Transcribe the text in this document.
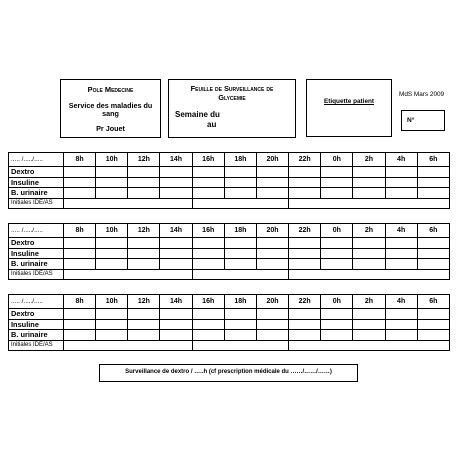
Pole Medecine
Service des maladies du sang
Pr Jouet
Feuille de Surveillance de Glycemie
Semaine du
au
Etiquette patient
MdS Mars 2009
N°
..... /...../.....	8h	10h	12h	14h	16h	18h	20h	22h	0h	2h	4h	6h
Dextro												
Insuline												
B. urinaire												
Initiales IDE/AS												
..... /...../.....	8h	10h	12h	14h	16h	18h	20h	22h	0h	2h	4h	6h
Dextro												
Insuline												
B. urinaire												
Initiales IDE/AS												
..... /...../.....	8h	10h	12h	14h	16h	18h	20h	22h	0h	2h	4h	6h
Dextro												
Insuline												
B. urinaire												
Initiales IDE/AS												
Surveillance de dextro / …..h (cf prescription médicale du ……/……/……)
